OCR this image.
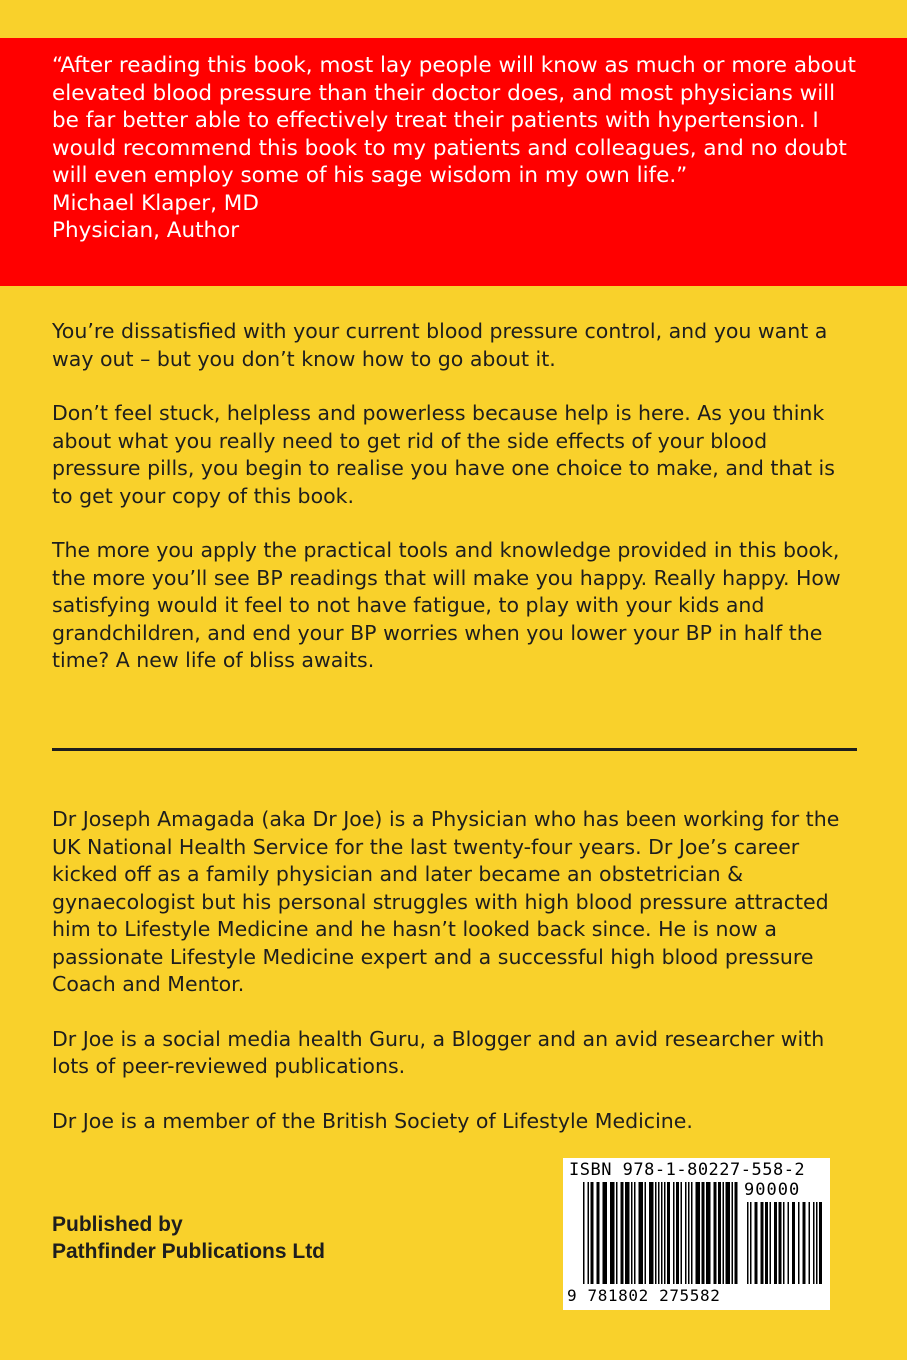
“After reading this book, most lay people will know as much or more about elevated blood pressure than their doctor does, and most physicians will be far better able to effectively treat their patients with hypertension. I would recommend this book to my patients and colleagues, and no doubt will even employ some of his sage wisdom in my own life.”

Michael Klaper, MD
Physician, Author

You’re dissatisfied with your current blood pressure control, and you want a way out – but you don’t know how to go about it.

Don’t feel stuck, helpless and powerless because help is here. As you think about what you really need to get rid of the side effects of your blood pressure pills, you begin to realise you have one choice to make, and that is to get your copy of this book.

The more you apply the practical tools and knowledge provided in this book, the more you’ll see BP readings that will make you happy. Really happy. How satisfying would it feel to not have fatigue, to play with your kids and grandchildren, and end your BP worries when you lower your BP in half the time? A new life of bliss awaits.

Dr Joseph Amagada (aka Dr Joe) is a Physician who has been working for the UK National Health Service for the last twenty-four years. Dr Joe’s career kicked off as a family physician and later became an obstetrician & gynaecologist but his personal struggles with high blood pressure attracted him to Lifestyle Medicine and he hasn’t looked back since. He is now a passionate Lifestyle Medicine expert and a successful high blood pressure Coach and Mentor.

Dr Joe is a social media health Guru, a Blogger and an avid researcher with lots of peer-reviewed publications.

Dr Joe is a member of the British Society of Lifestyle Medicine.

Published by
Pathfinder Publications Ltd
ISBN 978-1-80227-558-2
90000
9 781802 275582
